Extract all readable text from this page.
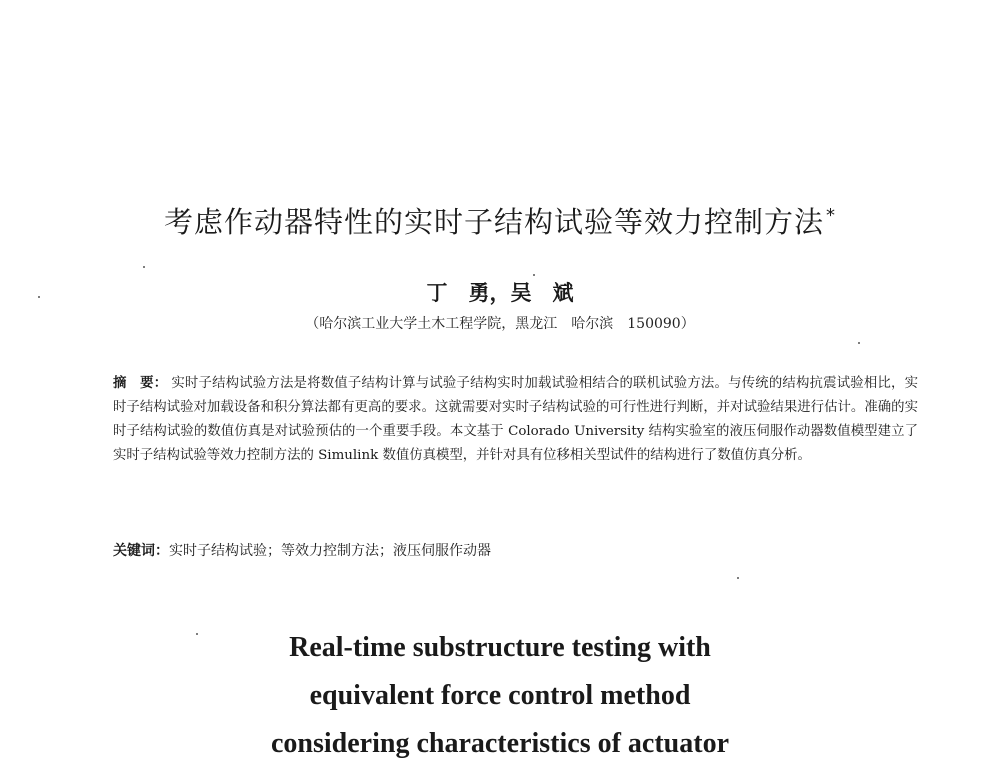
考虑作动器特性的实时子结构试验等效力控制方法 *
丁　勇，吴　斌
（哈尔滨工业大学土木工程学院，黑龙江　哈尔滨　150090）
摘　要： 实时子结构试验方法是将数值子结构计算与试验子结构实时加载试验相结合的联机试验方法。与传统的结构抗震试验相比，实时子结构试验对加载设备和积分算法都有更高的要求。这就需要对实时子结构试验的可行性进行判断，并对试验结果进行估计。准确的实时子结构试验的数值仿真是对试验预估的一个重要手段。本文基于 Colorado University 结构实验室的液压伺服作动器数值模型建立了实时子结构试验等效力控制方法的 Simulink 数值仿真模型，并针对具有位移相关型试件的结构进行了数值仿真分析。
关键词：实时子结构试验；等效力控制方法；液压伺服作动器
Real-time substructure testing with
equivalent force control method
considering characteristics of actuator
